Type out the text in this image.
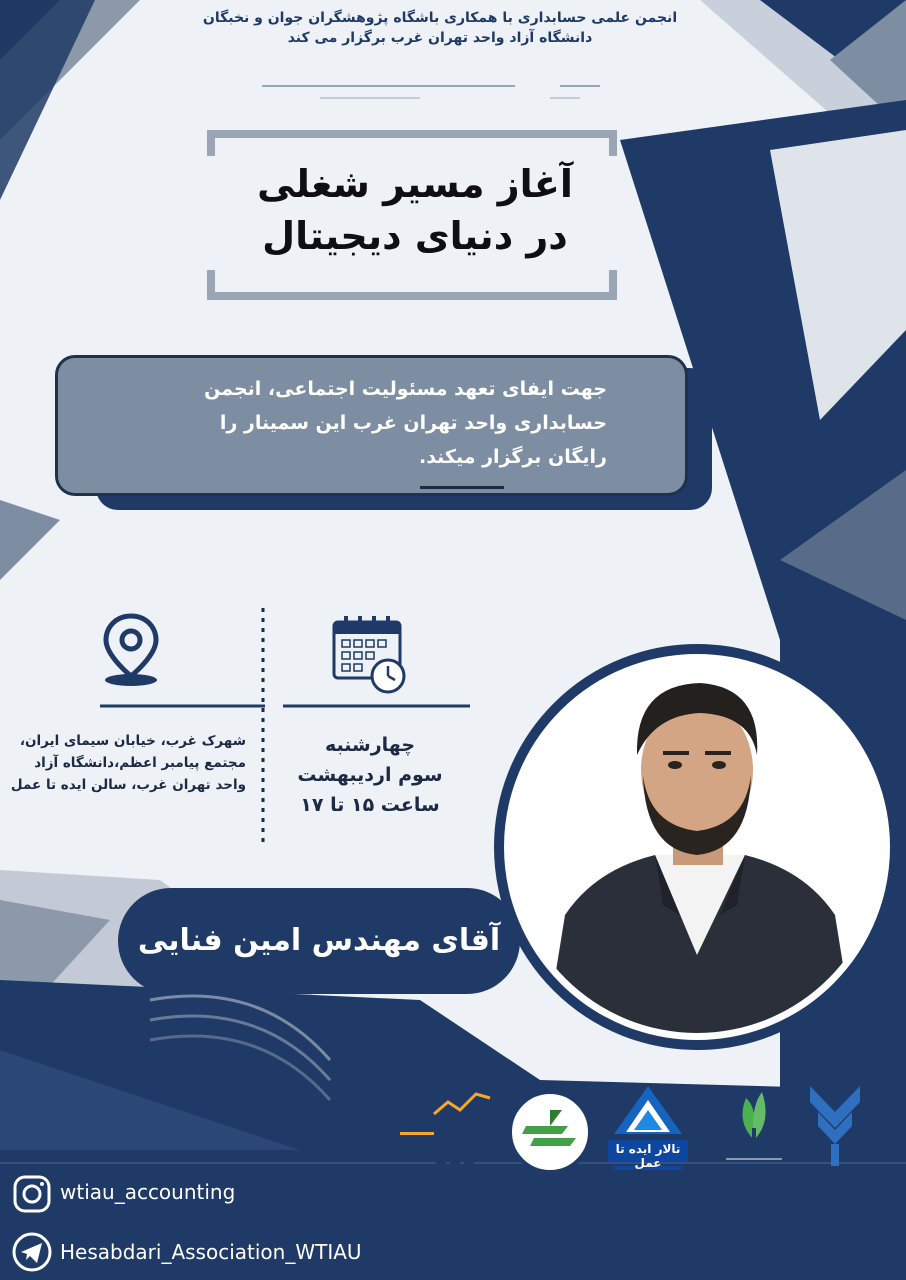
انجمن علمی حسابداری با همکاری باشگاه پژوهشگران جوان و نخبگان
دانشگاه آزاد واحد تهران غرب برگزار می کند
آغاز مسیر شغلی
در دنیای دیجیتال
جهت ایفای تعهد مسئولیت اجتماعی، انجمن
حسابداری واحد تهران غرب این سمینار را
رایگان برگزار میکند.
چهارشنبه
سوم اردیبهشت
ساعت ۱۵ تا ۱۷
شهرک غرب، خیابان سیمای ایران،
مجتمع پیامبر اعظم،دانشگاه آزاد
واحد تهران غرب، سالن ایده تا عمل
آقای مهندس امین فنایی
تالار ایده تا عمل
wtiau_accounting
Hesabdari_Association_WTIAU
